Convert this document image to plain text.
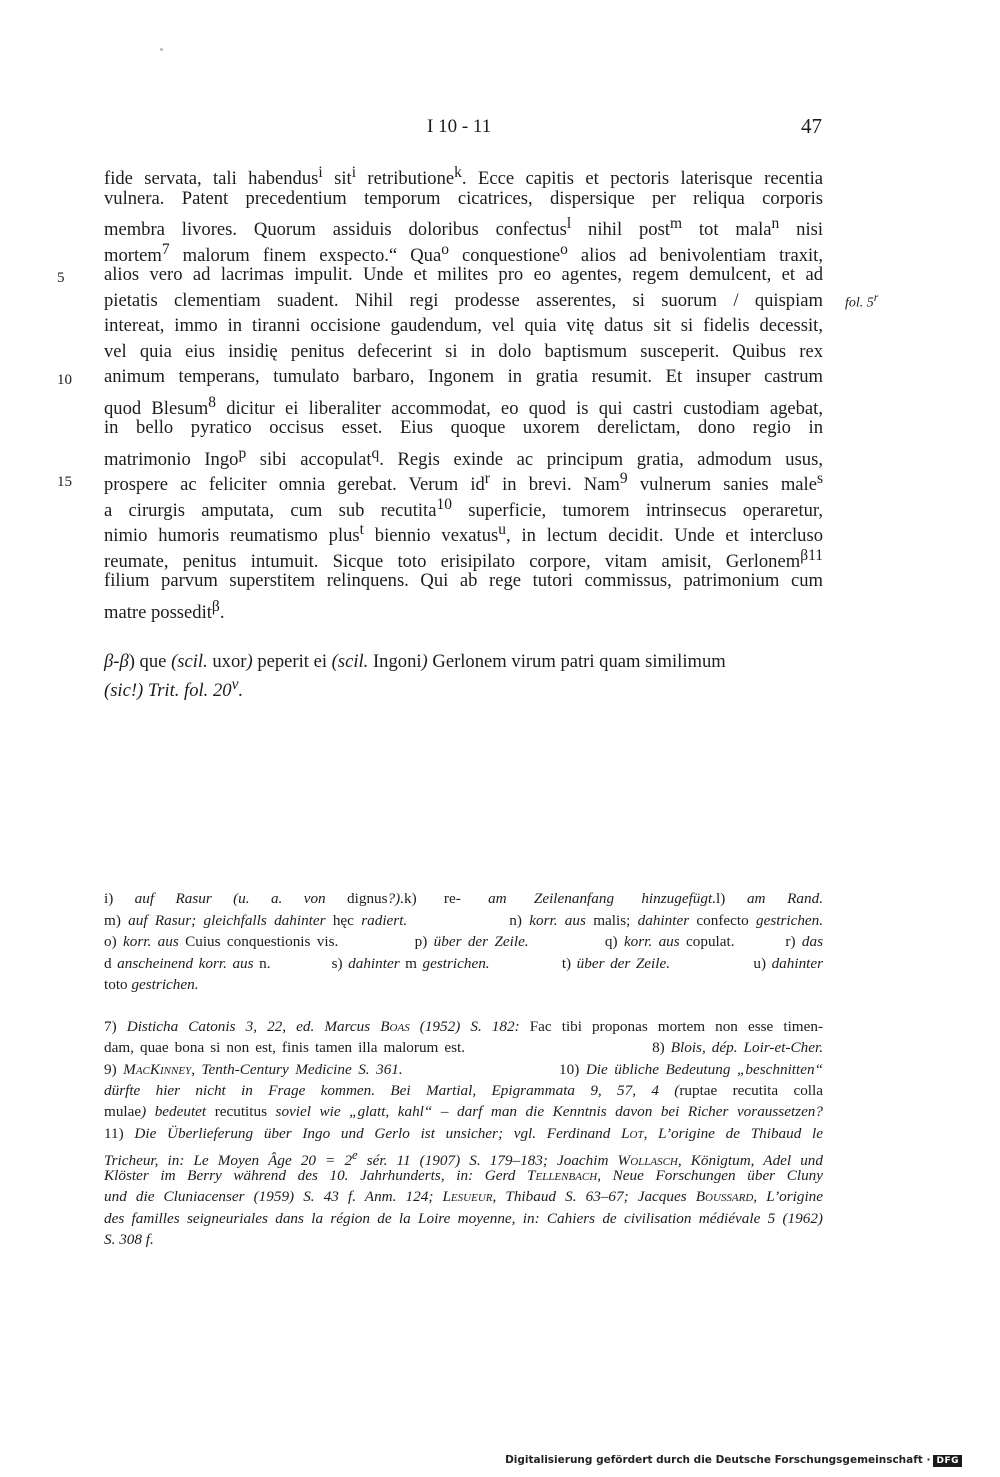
I 10 - 11	47
fide servata, tali habendus$^i$ sit$^i$ retributione$^k$. Ecce capitis et pectoris laterisque recentia
vulnera. Patent precedentium temporum cicatrices, dispersique per reliqua corporis
membra livores. Quorum assiduis doloribus confectus$^l$ nihil post$^m$ tot mala$^n$ nisi
mortem$^7$ malorum finem exspecto.“ Qua$^o$ conquestione$^o$ alios ad benivolentiam traxit,
alios vero ad lacrimas impulit. Unde et milites pro eo agentes, regem demulcent, et ad
pietatis clementiam suadent. Nihil regi prodesse asserentes, si suorum / quispiam
intereat, immo in tiranni occisione gaudendum, vel quia vitę datus sit si fidelis decessit,
vel quia eius insidię penitus defecerint si in dolo baptismum susceperit. Quibus rex
animum temperans, tumulato barbaro, Ingonem in gratia resumit. Et insuper castrum
quod Blesum$^8$ dicitur ei liberaliter accommodat, eo quod is qui castri custodiam agebat,
in bello pyratico occisus esset. Eius quoque uxorem derelictam, dono regio in
matrimonio Ingo$^p$ sibi accopulat$^q$. Regis exinde ac principum gratia, admodum usus,
prospere ac feliciter omnia gerebat. Verum $id^r$ in brevi. Nam$^9$ vulnerum sanies male$^s$
a cirurgis amputata, cum sub recutita$^{10}$ superficie, tumorem intrinsecus operaretur,
nimio humoris reumatismo plus$^t$ biennio vexatus$^u$, in lectum decidit. Unde et intercluso
reumate, penitus intumuit. Sicque toto erisipilato corpore, vitam amisit, Gerlonem$^{\beta 11}$
filium parvum superstitem relinquens. Qui ab rege tutori commissus, patrimonium cum
matre possedit$^\beta$.
5
10
15
fol. 5$^r$
β-β) que (scil. uxor) peperit ei (scil. Ingoni) Gerlonem virum patri quam similimum
(sic!) Trit. fol. 20$^v$.
i) auf Rasur (u. a. von dignus?).k) re- am Zeilenanfang hinzugefügt.l) am Rand.
m) auf Rasur; gleichfalls dahinter hęc radiert.              n) korr. aus malis; dahinter confecto gestrichen.
o) korr. aus Cuius conquestionis vis.            p) über der Zeile.            q) korr. aus copulat.        r) das
d anscheinend korr. aus n.           s) dahinter m gestrichen.             t) über der Zeile.               u) dahinter
toto gestrichen.
7) Disticha Catonis 3, 22, ed. Marcus Boas (1952) S. 182: Fac tibi proponas mortem non esse timen-
dam, quae bona si non est, finis tamen illa malorum est.                               8) Blois, dép. Loir-et-Cher.
9) MacKinney, Tenth-Century Medicine S. 361.                        10) Die übliche Bedeutung „beschnitten“
dürfte hier nicht in Frage kommen. Bei Martial, Epigrammata 9, 57, 4 (ruptae recutita colla
mulae) bedeutet recutitus soviel wie „glatt, kahl“ – darf man die Kenntnis davon bei Richer voraussetzen?
11) Die Überlieferung über Ingo und Gerlo ist unsicher; vgl. Ferdinand Lot, L’origine de Thibaud le
Tricheur, in: Le Moyen Âge $20 = 2^e$ sér. 11 (1907) S. 179–183; Joachim Wollasch, Königtum, Adel und
Klöster im Berry während des 10. Jahrhunderts, in: Gerd Tellenbach, Neue Forschungen über Cluny
und die Cluniacenser (1959) S. 43 f. Anm. 124; Lesueur, Thibaud S. 63–67; Jacques Boussard, L’origine
des familles seigneuriales dans la région de la Loire moyenne, in: Cahiers de civilisation médiévale 5 (1962)
S. 308 f.
Digitalisierung gefördert durch die Deutsche Forschungsgemeinschaft · DFG
